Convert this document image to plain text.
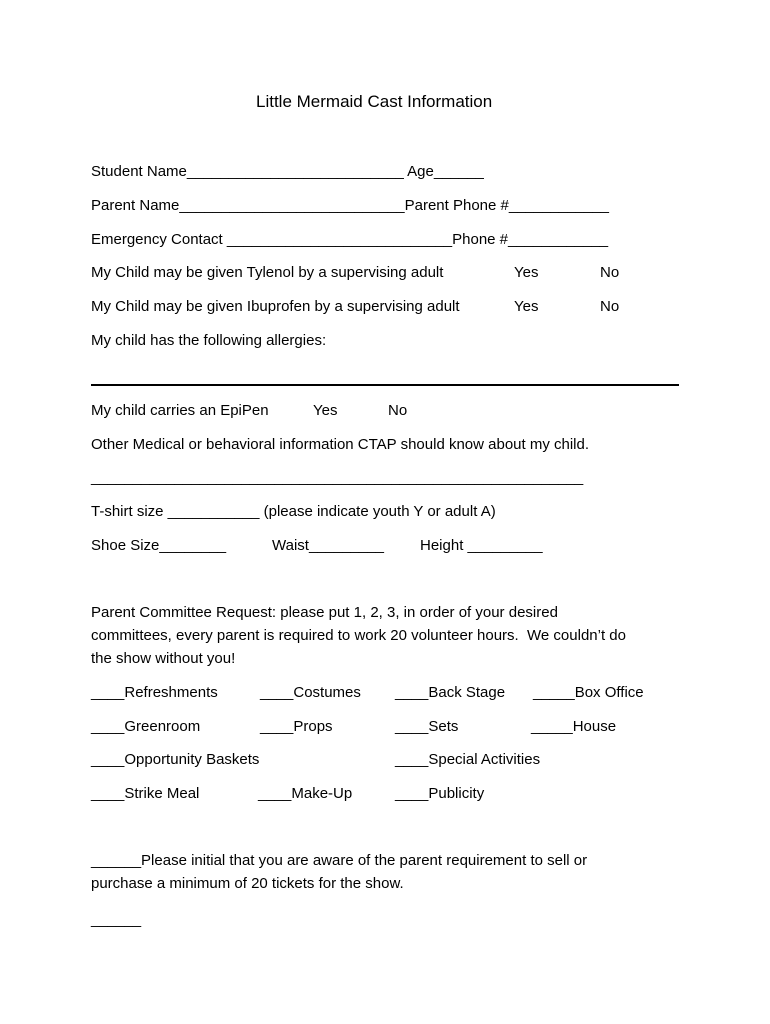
Little Mermaid Cast Information
Student Name__________________________ Age______
Parent Name___________________________Parent Phone #____________
Emergency Contact ___________________________Phone #____________
My Child may be given Tylenol by a supervising adult	Yes	No
My Child may be given Ibuprofen by a supervising adult	Yes	No
My child has the following allergies:
My child carries an EpiPen	Yes	No
Other Medical or behavioral information CTAP should know about my child.
___________________________________________________________
T-shirt size ___________ (please indicate youth Y or adult A)
Shoe Size________	Waist_________ Height _________
Parent Committee Request: please put 1, 2, 3, in order of your desired
committees, every parent is required to work 20 volunteer hours.  We couldn’t do
the show without you!
____Refreshments	____Costumes ____Back Stage _____Box Office
____Greenroom	____Props	____Sets	_____House
____Opportunity Baskets	____Special Activities
____Strike Meal	____Make-Up	____Publicity
______Please initial that you are aware of the parent requirement to sell or
purchase a minimum of 20 tickets for the show.
______
